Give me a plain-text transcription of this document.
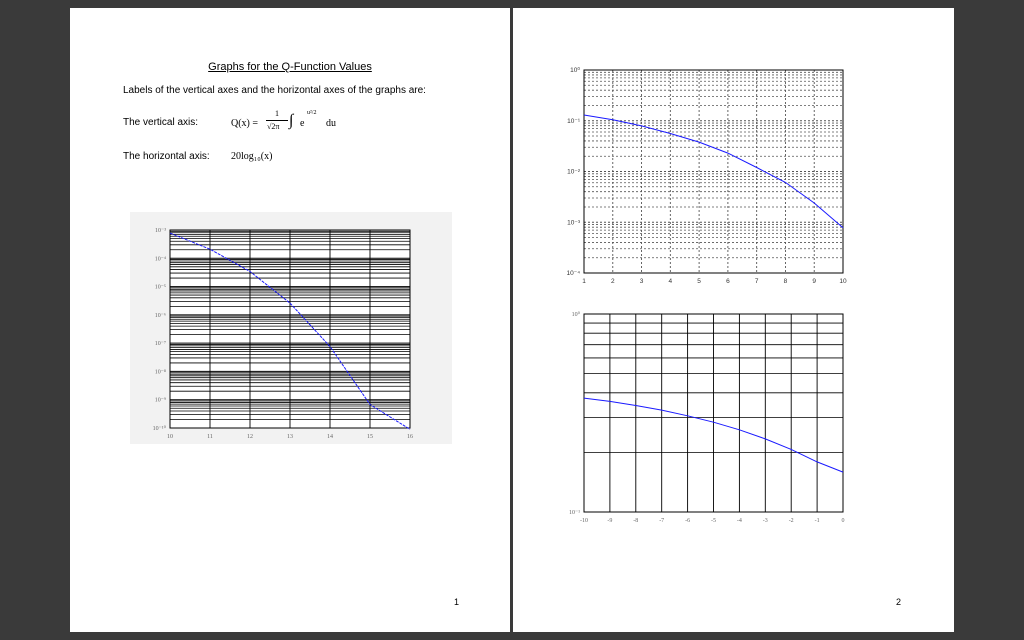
Graphs for the Q-Function Values
Labels of the vertical axes and the horizontal axes of the graphs are:
The vertical axis:	Q(x) =
1
√2π ∫ e
u²/2
du
The horizontal axis: 20log₁₀(x)
10	11	12	13	14	15	16
10⁻³
10⁻⁴
10⁻⁵
10⁻⁶
10⁻⁷
10⁻⁸
10⁻⁹
10⁻¹⁰
1
1	2	3	4	5	6	7	8	9	10
10⁰
10⁻¹
10⁻²
10⁻³
10⁻⁴
-10	-9	-8	-7	-6	-5	-4	-3	-2	-1	0
10⁰
10⁻¹
2
